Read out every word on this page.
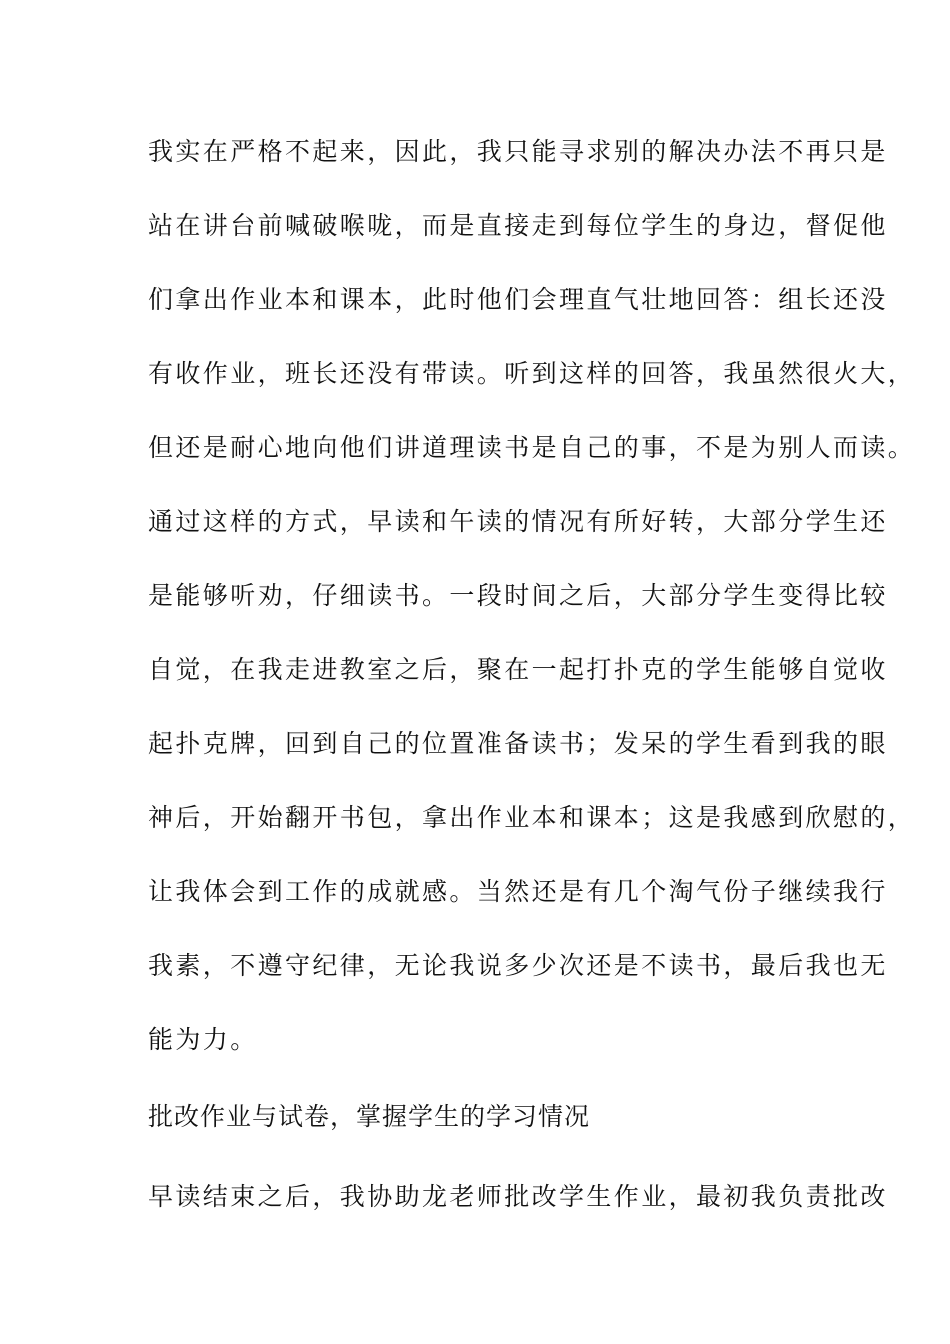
我实在严格不起来，因此，我只能寻求别的解决办法不再只是
站在讲台前喊破喉咙，而是直接走到每位学生的身边，督促他
们拿出作业本和课本，此时他们会理直气壮地回答：组长还没
有收作业，班长还没有带读。听到这样的回答，我虽然很火大，
但还是耐心地向他们讲道理读书是自己的事，不是为别人而读。
通过这样的方式，早读和午读的情况有所好转，大部分学生还
是能够听劝，仔细读书。一段时间之后，大部分学生变得比较
自觉，在我走进教室之后，聚在一起打扑克的学生能够自觉收
起扑克牌，回到自己的位置准备读书；发呆的学生看到我的眼
神后，开始翻开书包，拿出作业本和课本；这是我感到欣慰的，
让我体会到工作的成就感。当然还是有几个淘气份子继续我行
我素，不遵守纪律，无论我说多少次还是不读书，最后我也无
能为力。
批改作业与试卷，掌握学生的学习情况
早读结束之后，我协助龙老师批改学生作业，最初我负责批改
